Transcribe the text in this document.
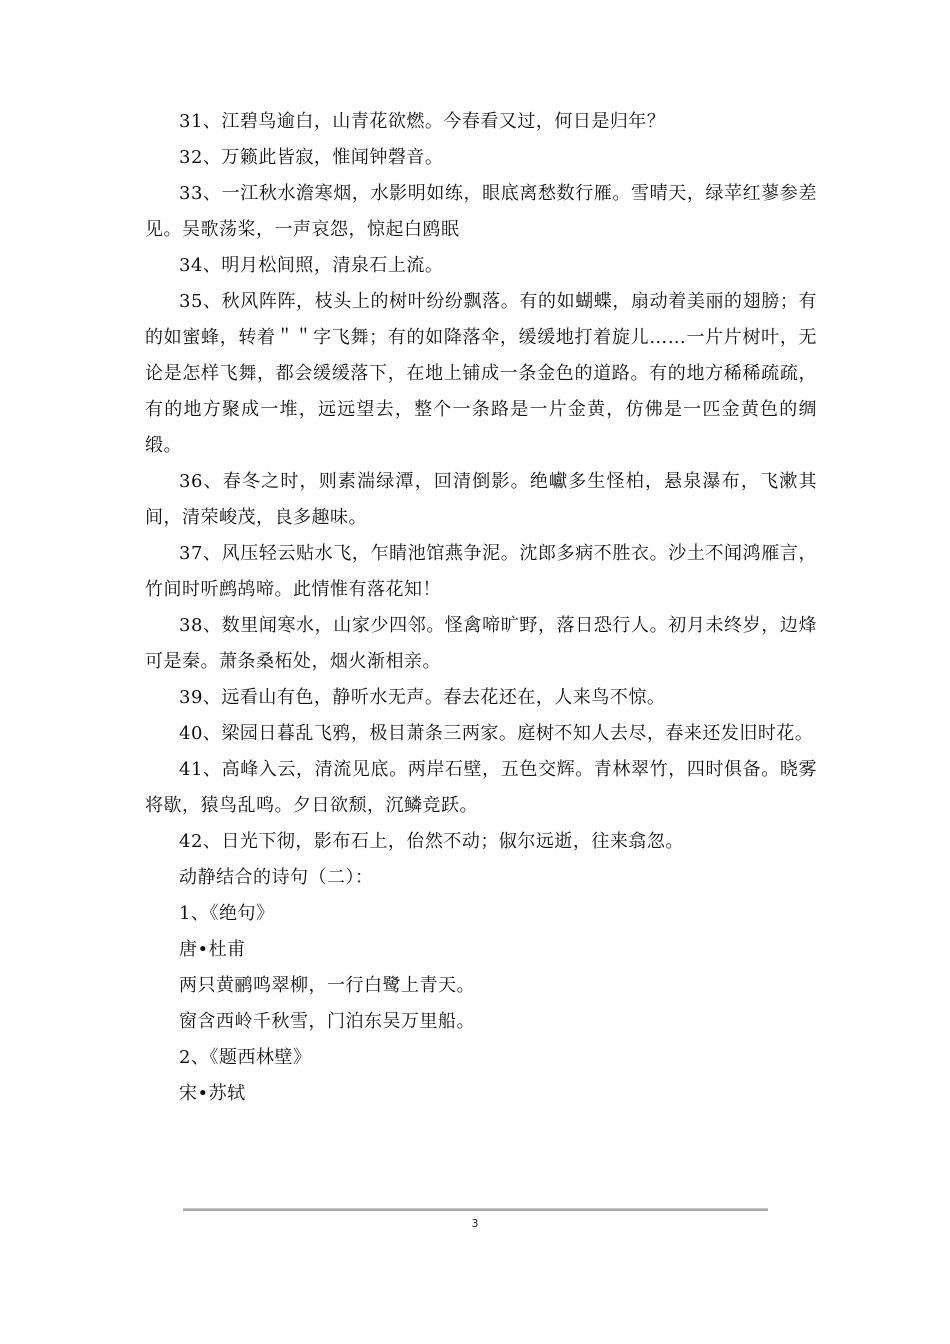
31、江碧鸟逾白，山青花欲燃。今春看又过，何日是归年？

32、万籁此皆寂，惟闻钟磬音。

33、一江秋水澹寒烟，水影明如练，眼底离愁数行雁。雪晴天，绿苹红蓼参差见。吴歌荡桨，一声哀怨，惊起白鸥眠

34、明月松间照，清泉石上流。

35、秋风阵阵，枝头上的树叶纷纷飘落。有的如蝴蝶，扇动着美丽的翅膀；有的如蜜蜂，转着＂＂字飞舞；有的如降落伞，缓缓地打着旋儿……一片片树叶，无论是怎样飞舞，都会缓缓落下，在地上铺成一条金色的道路。有的地方稀稀疏疏，有的地方聚成一堆，远远望去，整个一条路是一片金黄，仿佛是一匹金黄色的绸缎。

36、春冬之时，则素湍绿潭，回清倒影。绝巘多生怪柏，悬泉瀑布，飞漱其间，清荣峻茂，良多趣味。

37、风压轻云贴水飞，乍睛池馆燕争泥。沈郎多病不胜衣。沙土不闻鸿雁言，竹间时听鹧鸪啼。此情惟有落花知！

38、数里闻寒水，山家少四邻。怪禽啼旷野，落日恐行人。初月未终岁，边烽可是秦。萧条桑柘处，烟火渐相亲。

39、远看山有色，静听水无声。春去花还在，人来鸟不惊。

40、梁园日暮乱飞鸦，极目萧条三两家。庭树不知人去尽，春来还发旧时花。

41、高峰入云，清流见底。两岸石壁，五色交辉。青林翠竹，四时俱备。晓雾将歇，猿鸟乱鸣。夕日欲颓，沉鳞竞跃。

42、日光下彻，影布石上，佁然不动；俶尔远逝，往来翕忽。

动静结合的诗句（二）：

1、《绝句》

唐•杜甫

两只黄鹂鸣翠柳，一行白鹭上青天。

窗含西岭千秋雪，门泊东吴万里船。

2、《题西林壁》

宋•苏轼

3
